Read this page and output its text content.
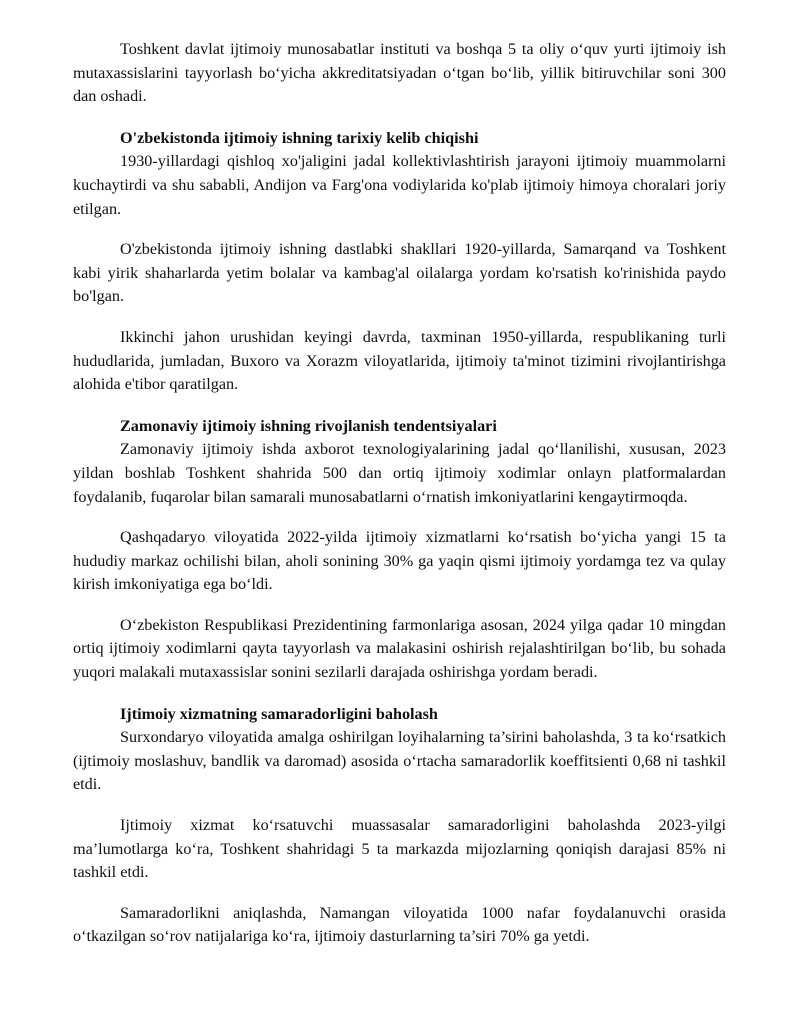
Toshkent davlat ijtimoiy munosabatlar instituti va boshqa 5 ta oliy o‘quv yurti ijtimoiy ish mutaxassislarini tayyorlash bo‘yicha akkreditatsiyadan o‘tgan bo‘lib, yillik bitiruvchilar soni 300 dan oshadi.

O'zbekistonda ijtimoiy ishning tarixiy kelib chiqishi

1930-yillardagi qishloq xo'jaligini jadal kollektivlashtirish jarayoni ijtimoiy muammolarni kuchaytirdi va shu sababli, Andijon va Farg'ona vodiylarida ko'plab ijtimoiy himoya choralari joriy etilgan.

O'zbekistonda ijtimoiy ishning dastlabki shakllari 1920-yillarda, Samarqand va Toshkent kabi yirik shaharlarda yetim bolalar va kambag'al oilalarga yordam ko'rsatish ko'rinishida paydo bo'lgan.

Ikkinchi jahon urushidan keyingi davrda, taxminan 1950-yillarda, respublikaning turli hududlarida, jumladan, Buxoro va Xorazm viloyatlarida, ijtimoiy ta'minot tizimini rivojlantirishga alohida e'tibor qaratilgan.

Zamonaviy ijtimoiy ishning rivojlanish tendentsiyalari

Zamonaviy ijtimoiy ishda axborot texnologiyalarining jadal qo‘llanilishi, xususan, 2023 yildan boshlab Toshkent shahrida 500 dan ortiq ijtimoiy xodimlar onlayn platformalardan foydalanib, fuqarolar bilan samarali munosabatlarni o‘rnatish imkoniyatlarini kengaytirmoqda.

Qashqadaryo viloyatida 2022-yilda ijtimoiy xizmatlarni ko‘rsatish bo‘yicha yangi 15 ta hududiy markaz ochilishi bilan, aholi sonining 30% ga yaqin qismi ijtimoiy yordamga tez va qulay kirish imkoniyatiga ega bo‘ldi.

O‘zbekiston Respublikasi Prezidentining farmonlariga asosan, 2024 yilga qadar 10 mingdan ortiq ijtimoiy xodimlarni qayta tayyorlash va malakasini oshirish rejalashtirilgan bo‘lib, bu sohada yuqori malakali mutaxassislar sonini sezilarli darajada oshirishga yordam beradi.

Ijtimoiy xizmatning samaradorligini baholash

Surxondaryo viloyatida amalga oshirilgan loyihalarning ta’sirini baholashda, 3 ta ko‘rsatkich (ijtimoiy moslashuv, bandlik va daromad) asosida o‘rtacha samaradorlik koeffitsienti 0,68 ni tashkil etdi.

Ijtimoiy xizmat ko‘rsatuvchi muassasalar samaradorligini baholashda 2023-yilgi ma’lumotlarga ko‘ra, Toshkent shahridagi 5 ta markazda mijozlarning qoniqish darajasi 85% ni tashkil etdi.

Samaradorlikni aniqlashda, Namangan viloyatida 1000 nafar foydalanuvchi orasida o‘tkazilgan so‘rov natijalariga ko‘ra, ijtimoiy dasturlarning ta’siri 70% ga yetdi.
